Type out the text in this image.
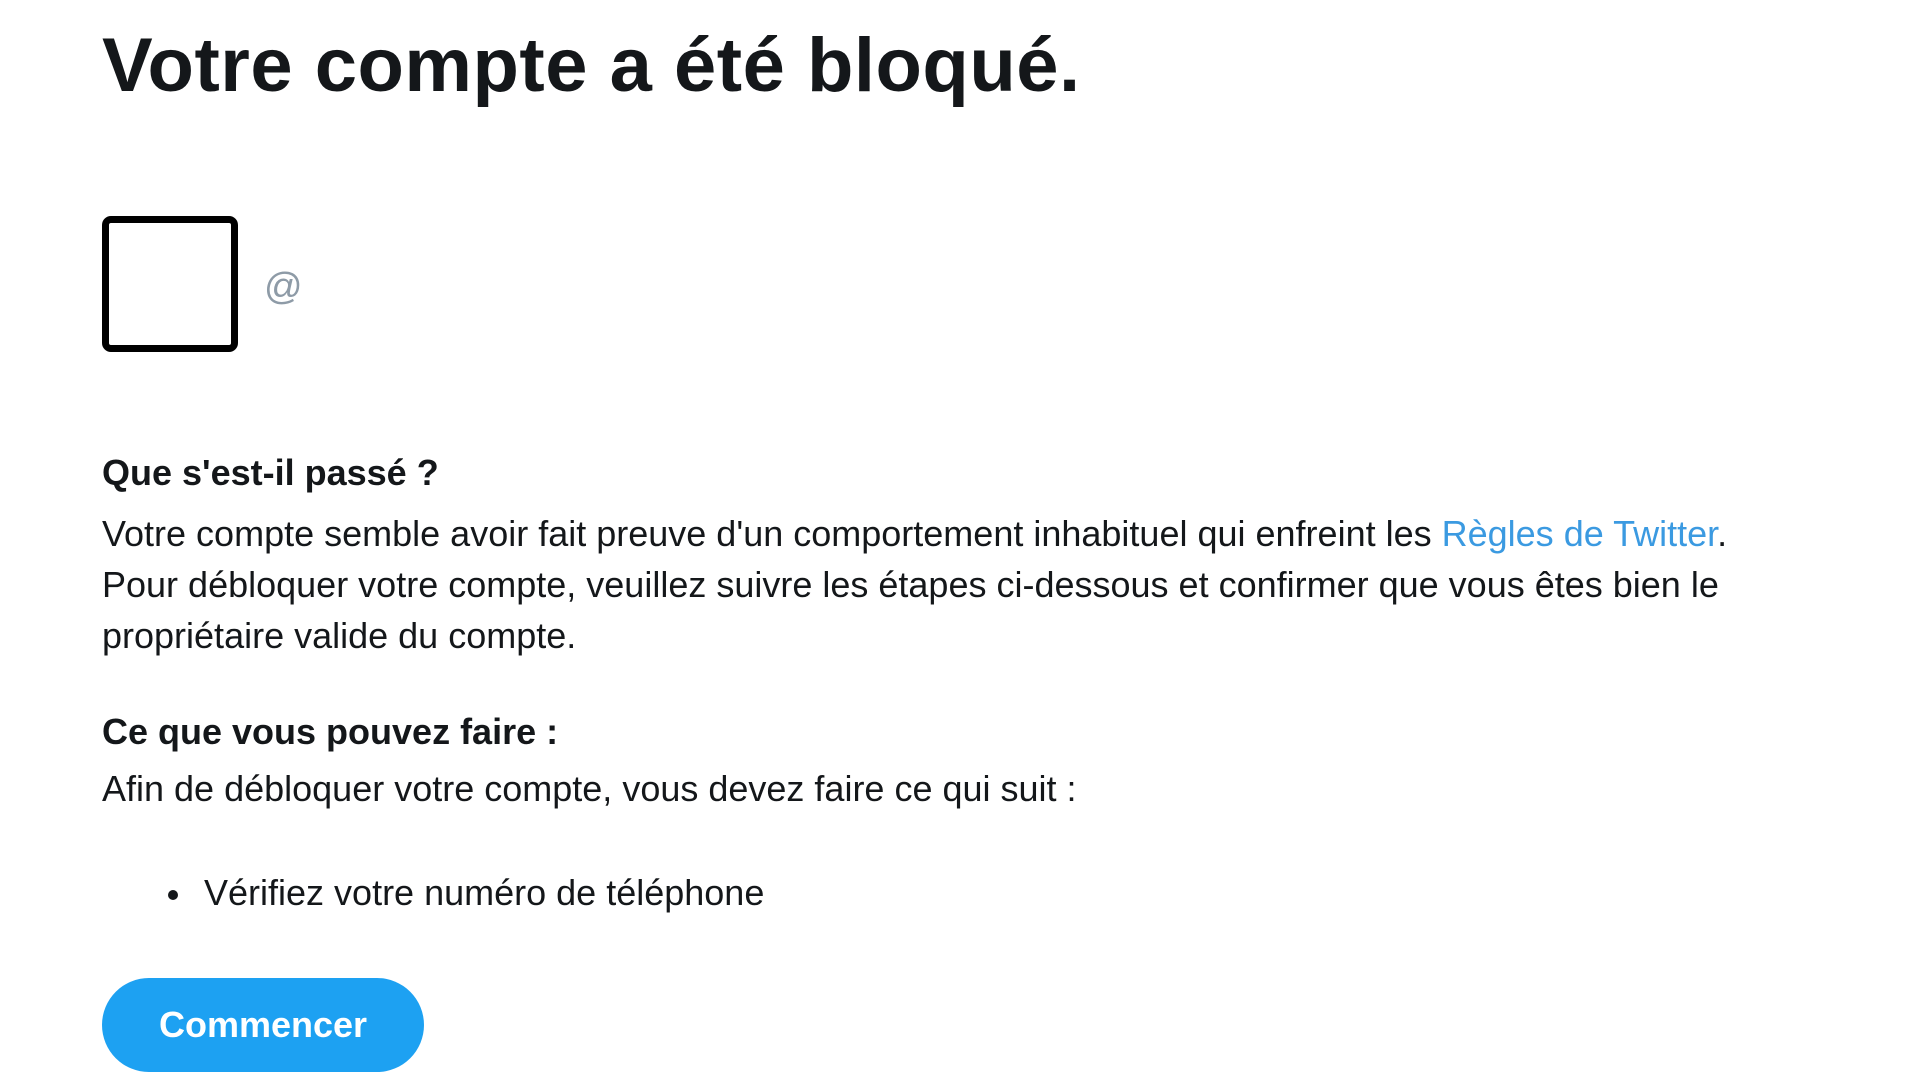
Votre compte a été bloqué.
@
Que s'est-il passé ?

Votre compte semble avoir fait preuve d'un comportement inhabituel qui enfreint les Règles de Twitter. Pour débloquer votre compte, veuillez suivre les étapes ci-dessous et confirmer que vous êtes bien le propriétaire valide du compte.

Ce que vous pouvez faire :

Afin de débloquer votre compte, vous devez faire ce qui suit :

Vérifiez votre numéro de téléphone
Commencer
